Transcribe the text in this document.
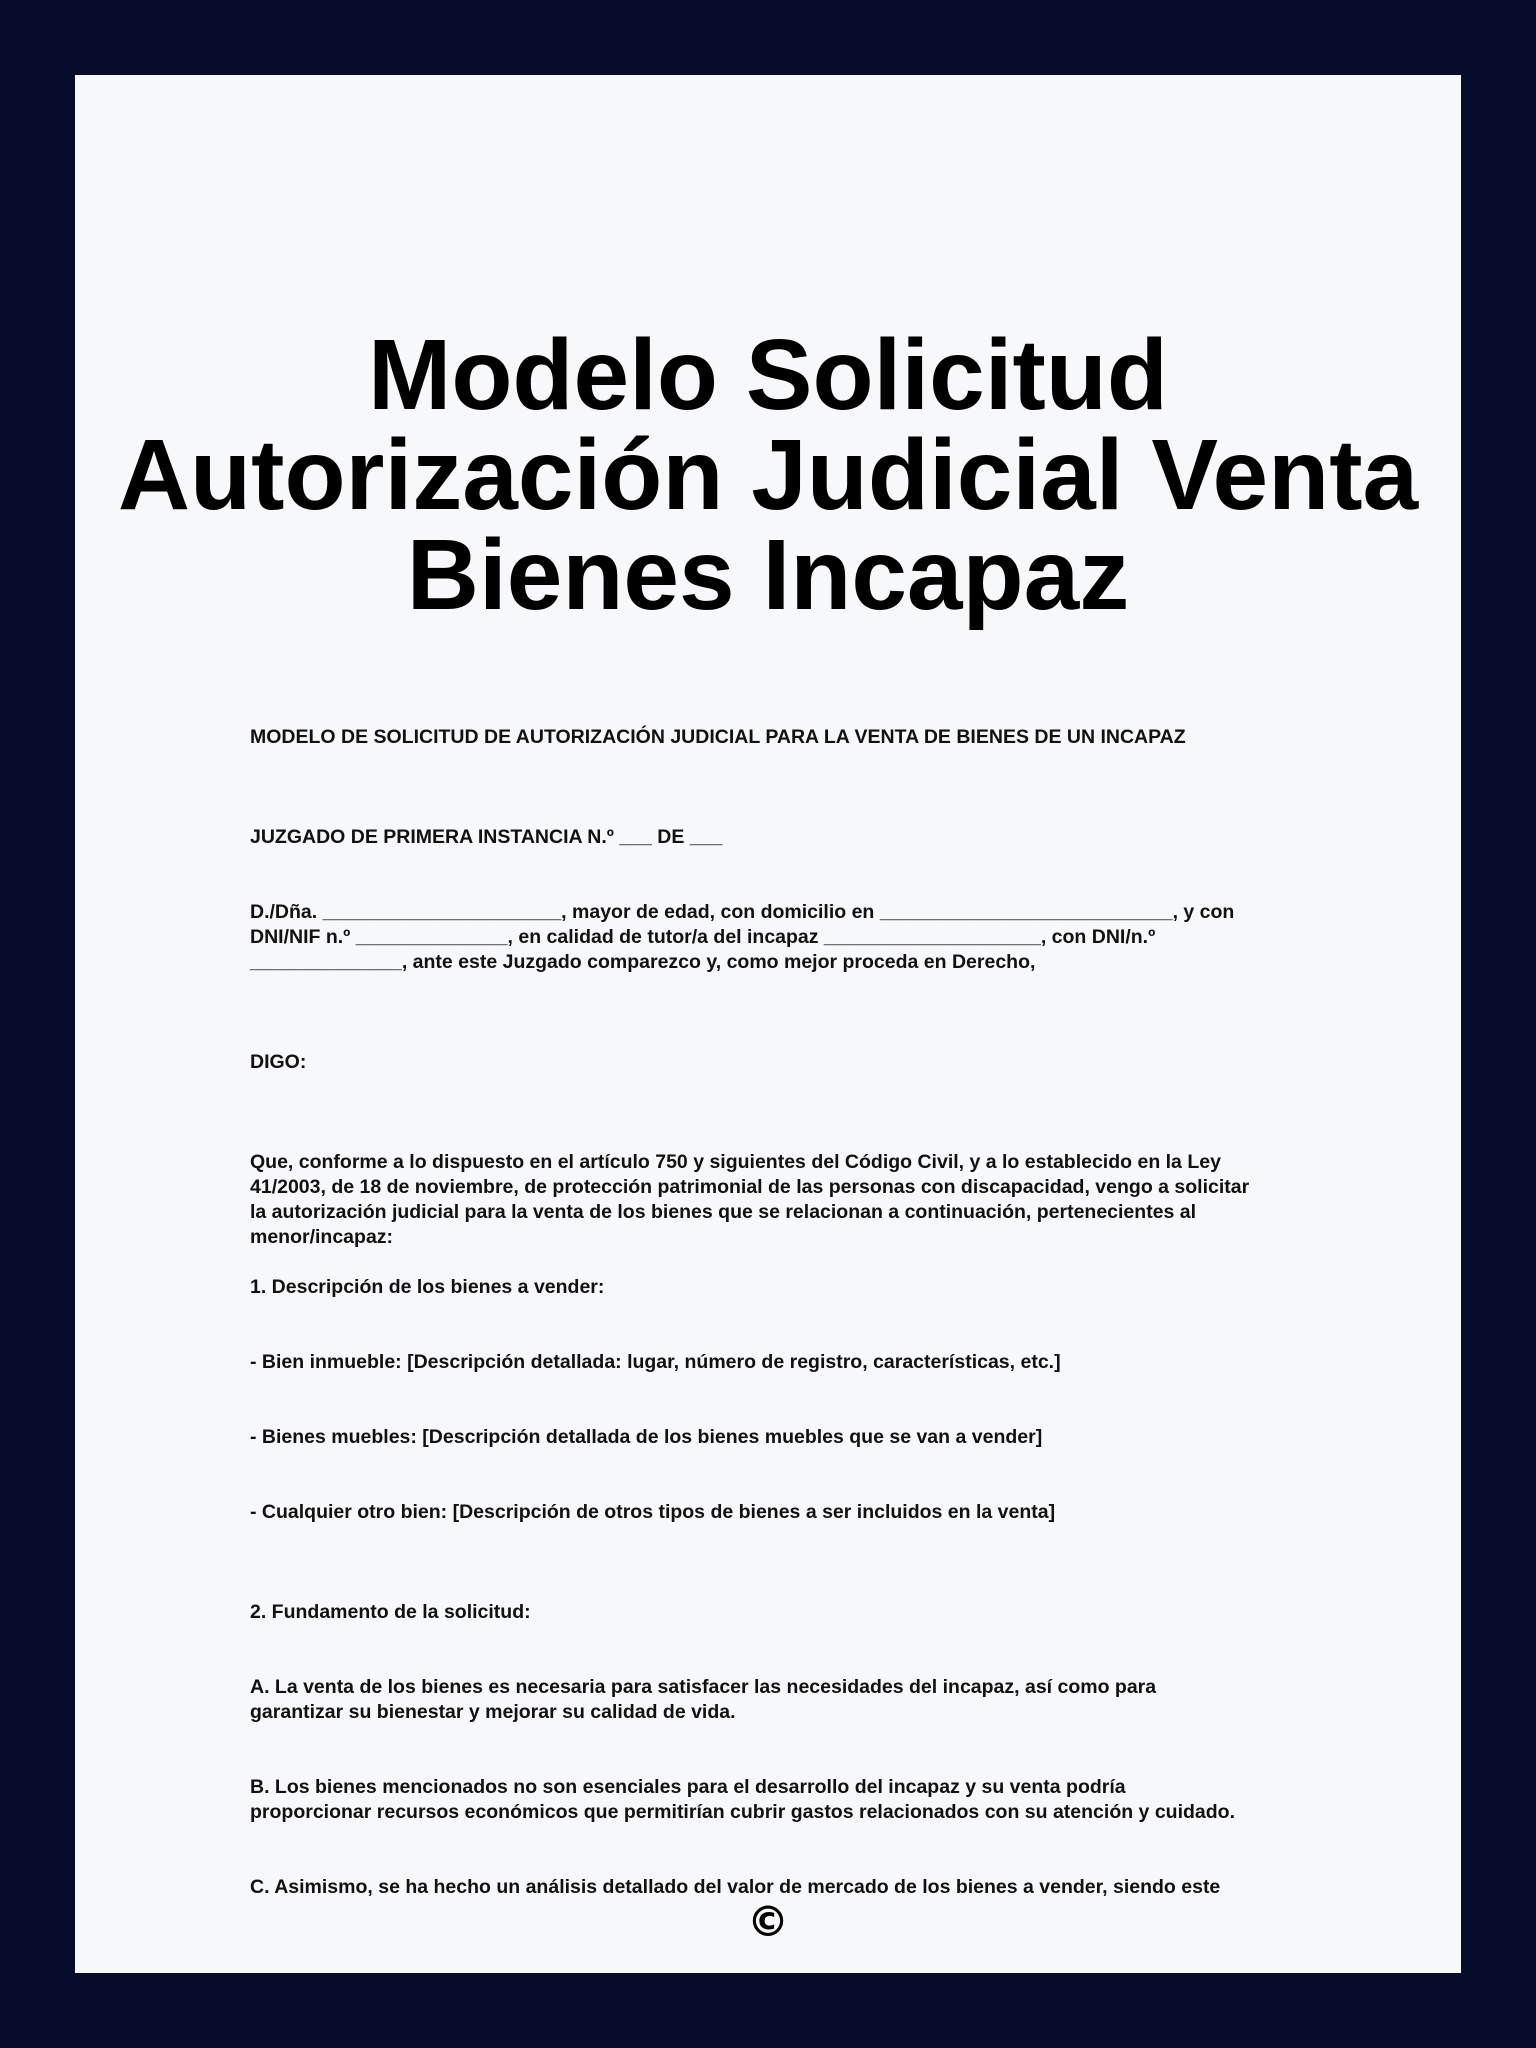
Modelo Solicitud
Autorización Judicial Venta
Bienes Incapaz
MODELO DE SOLICITUD DE AUTORIZACIÓN JUDICIAL PARA LA VENTA DE BIENES DE UN INCAPAZ
JUZGADO DE PRIMERA INSTANCIA N.º ___ DE ___
D./Dña. ______________________, mayor de edad, con domicilio en ___________________________, y con
DNI/NIF n.º ______________, en calidad de tutor/a del incapaz ____________________, con DNI/n.º
______________, ante este Juzgado comparezco y, como mejor proceda en Derecho,
DIGO:
Que, conforme a lo dispuesto en el artículo 750 y siguientes del Código Civil, y a lo establecido en la Ley
41/2003, de 18 de noviembre, de protección patrimonial de las personas con discapacidad, vengo a solicitar
la autorización judicial para la venta de los bienes que se relacionan a continuación, pertenecientes al
menor/incapaz:
1. Descripción de los bienes a vender:
- Bien inmueble: [Descripción detallada: lugar, número de registro, características, etc.]
- Bienes muebles: [Descripción detallada de los bienes muebles que se van a vender]
- Cualquier otro bien: [Descripción de otros tipos de bienes a ser incluidos en la venta]
2. Fundamento de la solicitud:
A. La venta de los bienes es necesaria para satisfacer las necesidades del incapaz, así como para
garantizar su bienestar y mejorar su calidad de vida.
B. Los bienes mencionados no son esenciales para el desarrollo del incapaz y su venta podría
proporcionar recursos económicos que permitirían cubrir gastos relacionados con su atención y cuidado.
C. Asimismo, se ha hecho un análisis detallado del valor de mercado de los bienes a vender, siendo este
©
